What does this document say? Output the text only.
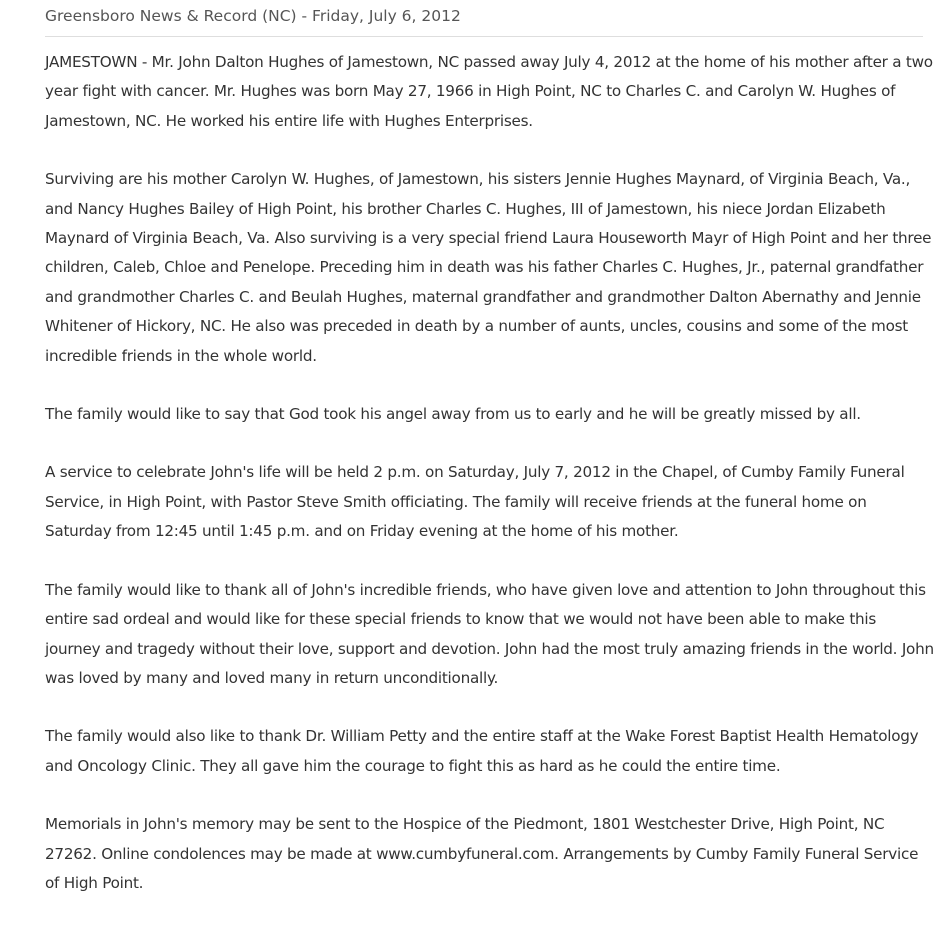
Greensboro News & Record (NC) - Friday, July 6, 2012

JAMESTOWN - Mr. John Dalton Hughes of Jamestown, NC passed away July 4, 2012 at the home of his mother after a two year fight with cancer. Mr. Hughes was born May 27, 1966 in High Point, NC to Charles C. and Carolyn W. Hughes of Jamestown, NC. He worked his entire life with Hughes Enterprises.

Surviving are his mother Carolyn W. Hughes, of Jamestown, his sisters Jennie Hughes Maynard, of Virginia Beach, Va., and Nancy Hughes Bailey of High Point, his brother Charles C. Hughes, III of Jamestown, his niece Jordan Elizabeth Maynard of Virginia Beach, Va. Also surviving is a very special friend Laura Houseworth Mayr of High Point and her three children, Caleb, Chloe and Penelope. Preceding him in death was his father Charles C. Hughes, Jr., paternal grandfather and grandmother Charles C. and Beulah Hughes, maternal grandfather and grandmother Dalton Abernathy and Jennie Whitener of Hickory, NC. He also was preceded in death by a number of aunts, uncles, cousins and some of the most incredible friends in the whole world.

The family would like to say that God took his angel away from us to early and he will be greatly missed by all.

A service to celebrate John's life will be held 2 p.m. on Saturday, July 7, 2012 in the Chapel, of Cumby Family Funeral Service, in High Point, with Pastor Steve Smith officiating. The family will receive friends at the funeral home on Saturday from 12:45 until 1:45 p.m. and on Friday evening at the home of his mother.

The family would like to thank all of John's incredible friends, who have given love and attention to John throughout this entire sad ordeal and would like for these special friends to know that we would not have been able to make this journey and tragedy without their love, support and devotion. John had the most truly amazing friends in the world. John was loved by many and loved many in return unconditionally.

The family would also like to thank Dr. William Petty and the entire staff at the Wake Forest Baptist Health Hematology and Oncology Clinic. They all gave him the courage to fight this as hard as he could the entire time.

Memorials in John's memory may be sent to the Hospice of the Piedmont, 1801 Westchester Drive, High Point, NC 27262. Online condolences may be made at www.cumbyfuneral.com. Arrangements by Cumby Family Funeral Service of High Point.
